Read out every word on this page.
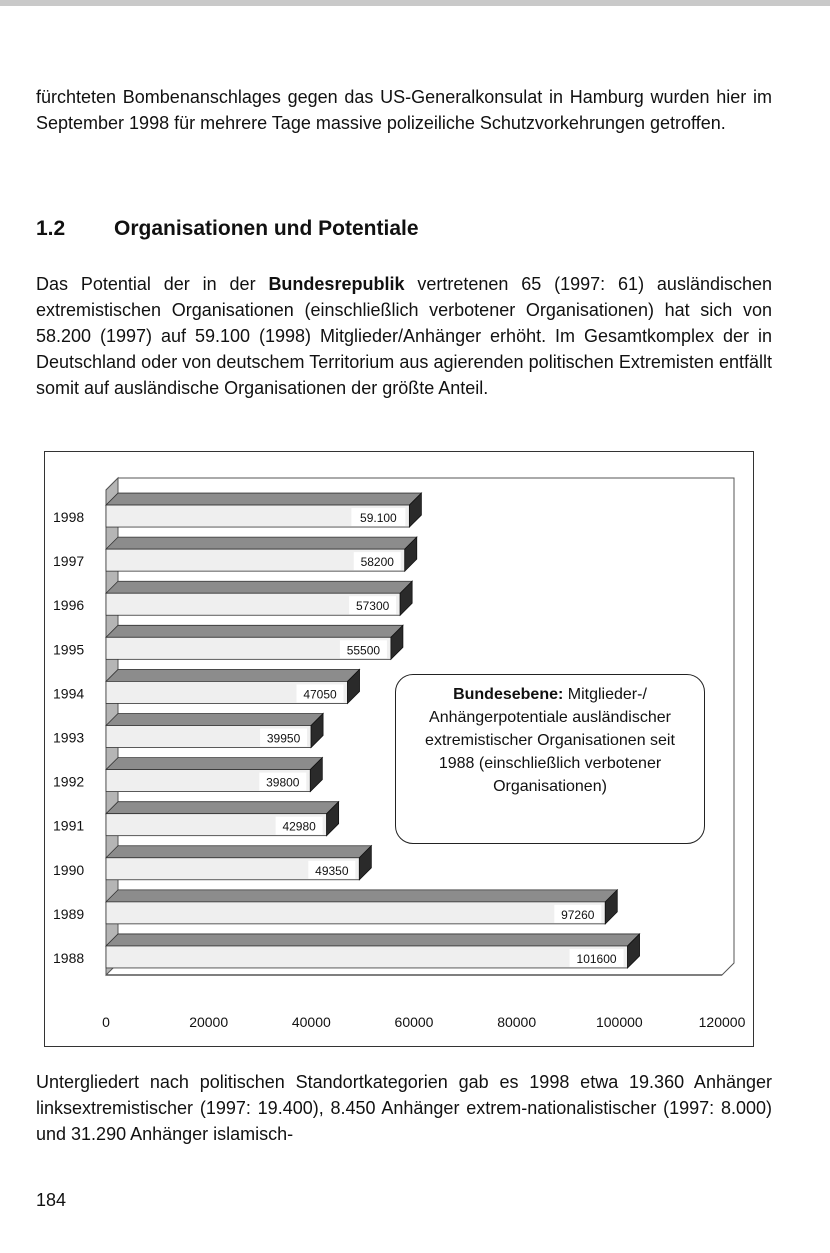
fürchteten Bombenanschlages gegen das US-Generalkonsulat in Hamburg wurden hier im September 1998 für mehrere Tage massive polizeiliche Schutzvorkehrungen getroffen.

1.2 Organisationen und Potentiale

Das Potential der in der Bundesrepublik vertretenen 65 (1997: 61) ausländischen extremistischen Organisationen (einschließlich verbotener Organisationen) hat sich von 58.200 (1997) auf 59.100 (1998) Mitglieder/Anhänger erhöht. Im Gesamtkomplex der in Deutschland oder von deutschem Territorium aus agierenden politischen Extremisten entfällt somit auf ausländische Organisationen der größte Anteil.

59.100
1998
58200
1997
57300
1996
55500
1995
47050
1994
39950
1993
39800
1992
42980
1991
49350
1990
97260
1989
101600
1988
0	20000	40000	60000	80000	100000	120000
Bundesebene: Mitglieder-/ Anhängerpotentiale ausländischer extremistischer Organisationen seit 1988 (einschließlich verbotener Organisationen)

Untergliedert nach politischen Standortkategorien gab es 1998 etwa 19.360 Anhänger linksextremistischer (1997: 19.400), 8.450 Anhänger extrem-nationalistischer (1997: 8.000) und 31.290 Anhänger islamisch-

184
